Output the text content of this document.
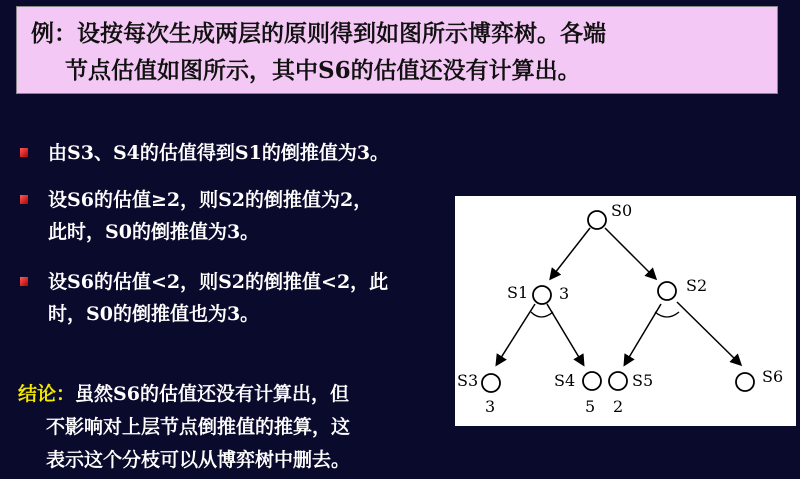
例：设按每次生成两层的原则得到如图所示博弈树。各端
节点估值如图所示，其中S6的估值还没有计算出。
由S3、S4的估值得到S1的倒推值为3。
设S6的估值≥2，则S2的倒推值为2，
此时，S0的倒推值为3。
设S6的估值<2，则S2的倒推值<2，此
时，S0的倒推值也为3。
结论：虽然S6的估值还没有计算出，但
不影响对上层节点倒推值的推算，这
表示这个分枝可以从博弈树中删去。
S0
S1 3	S2
S3
3
S4
5
S5
2
S6
